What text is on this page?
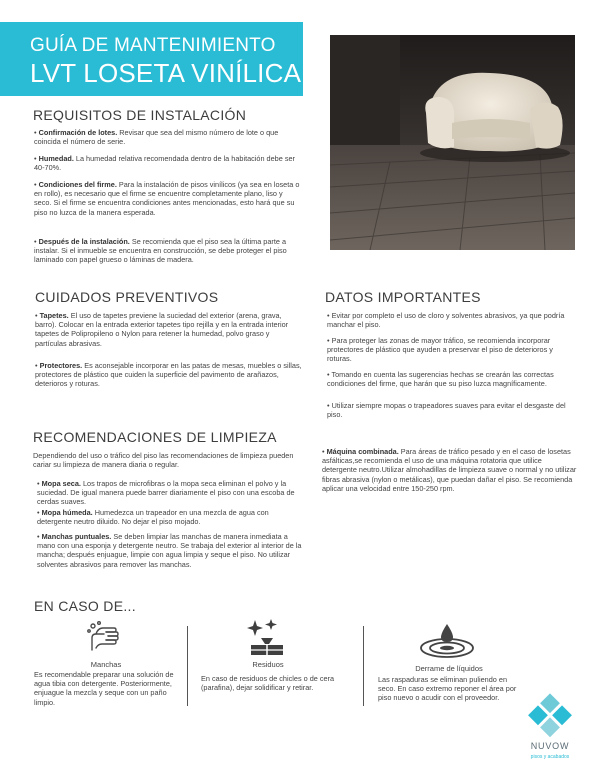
GUÍA DE MANTENIMIENTO
LVT LOSETA VINÍLICA
REQUISITOS DE INSTALACIÓN
• Confirmación de lotes. Revisar que sea del mismo número de lote o que coincida el número de serie.
• Humedad. La humedad relativa recomendada dentro de la habitación debe ser 40-70%.
• Condiciones del firme. Para la instalación de pisos vinílicos (ya sea en loseta o en rollo), es necesario que el firme se encuentre completamente plano, liso y seco. Si el firme se encuentra condiciones antes mencionadas, esto hará que su piso no luzca de la manera esperada.
• Después de la instalación. Se recomienda que el piso sea la última parte a instalar. Si el inmueble se encuentra en construcción, se debe proteger el piso laminado con papel grueso o láminas de madera.
CUIDADOS PREVENTIVOS
• Tapetes. El uso de tapetes previene la suciedad del exterior (arena, grava, barro). Colocar en la entrada exterior tapetes tipo rejilla y en la entrada interior tapetes de Polipropileno o Nylon para retener la humedad, polvo graso y partículas abrasivas.
• Protectores. Es aconsejable incorporar en las patas de mesas, muebles o sillas, protectores de plástico que cuiden la superficie del pavimento de arañazos, deterioros y roturas.
DATOS IMPORTANTES
• Evitar por completo el uso de cloro y solventes abrasivos, ya que podría manchar el piso.
• Para proteger las zonas de mayor tráfico, se recomienda incorporar protectores de plástico que ayuden a preservar el piso de deterioros y roturas.
• Tomando en cuenta las sugerencias hechas se crearán las correctas condiciones del firme, que harán que su piso luzca magníficamente.
• Utilizar siempre mopas o trapeadores suaves para evitar el desgaste del piso.
RECOMENDACIONES DE LIMPIEZA
Dependiendo del uso o tráfico del piso las recomendaciones de limpieza pueden cariar su limpieza de manera diaria o regular.
• Mopa seca. Los trapos de microfibras o la mopa seca eliminan el polvo y la suciedad. De igual manera puede barrer diariamente el piso con una escoba de cerdas suaves.
• Mopa húmeda. Humedezca un trapeador en una mezcla de agua con detergente neutro diluido. No dejar el piso mojado.
• Manchas puntuales. Se deben limpiar las manchas de manera inmediata a mano con una esponja y detergente neutro. Se trabaja del exterior al interior de la mancha; después enjuague, limpie con agua limpia y seque el piso. No utilizar solventes abrasivos para remover las manchas.
• Máquina combinada. Para áreas de tráfico pesado y en el caso de losetas asfálticas,se recomienda el uso de una máquina rotatoria que utilice detergente neutro.Utilizar almohadillas de limpieza suave o normal y no utilizar fibras abrasiva (nylon o metálicas), que puedan dañar el piso. Se recomienda aplicar una velocidad entre 150-250 rpm.
EN CASO DE...
Manchas
Es recomendable preparar una solución de agua tibia con detergente. Posteriormente, enjuague la mezcla y seque con un paño limpio.
Residuos
En caso de residuos de chicles o de cera (parafina), dejar solidificar y retirar.
Derrame de líquidos
Las raspaduras se eliminan puliendo en seco. En caso extremo reponer el área por piso nuevo o acudir con el proveedor.
NUVOW
pisos y acabados
